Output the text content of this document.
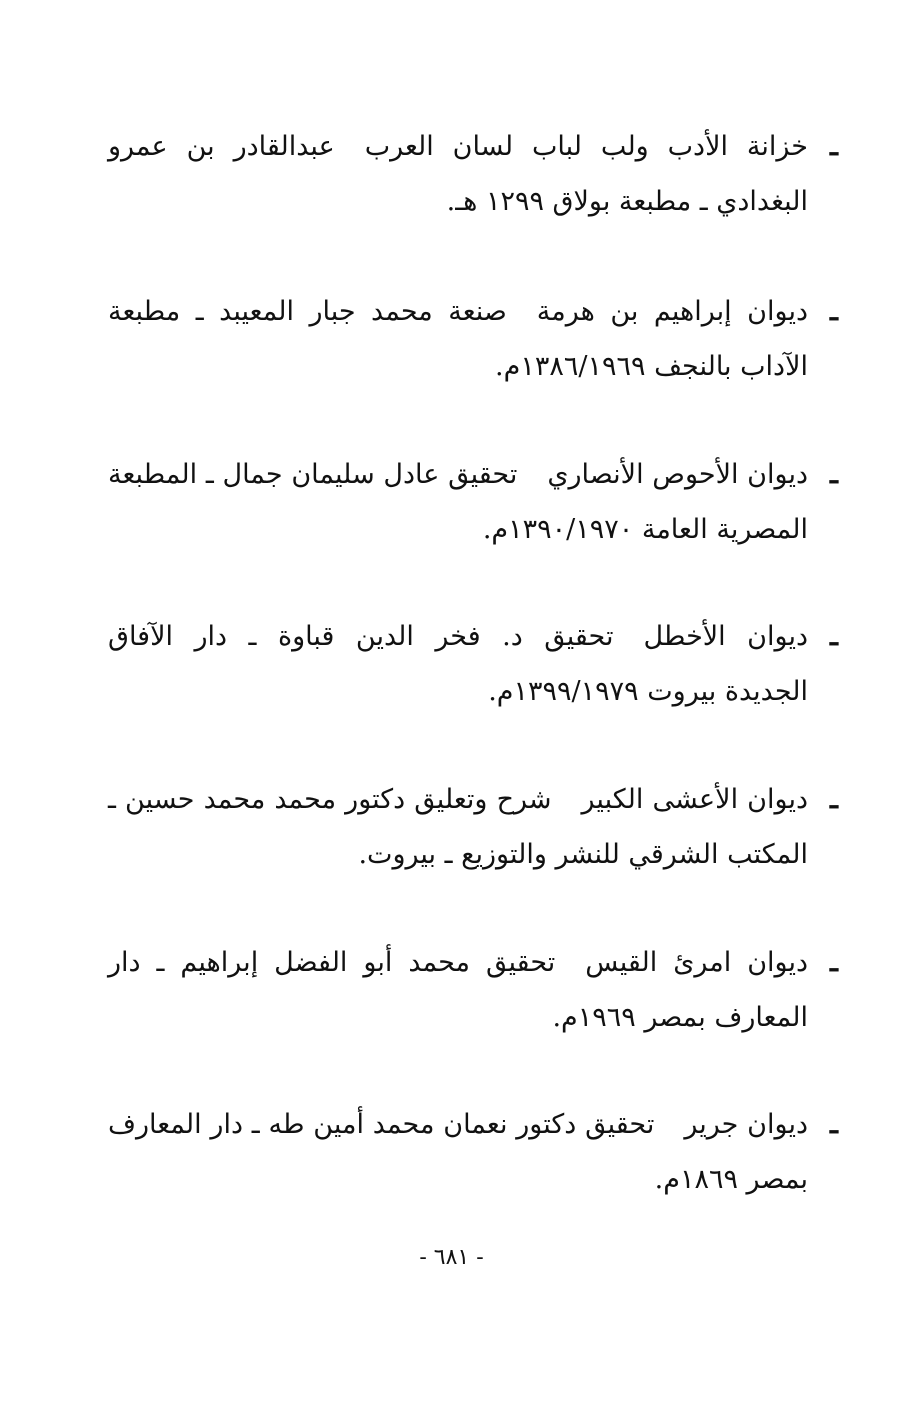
ـ
خزانة الأدب ولب لباب لسان العربعبدالقادر بن عمرو
البغدادي ـ مطبعة بولاق ١٢٩٩ هـ.
ـ
ديوان إبراهيم بن هرمةصنعة محمد جبار المعيبد ـ مطبعة
الآداب بالنجف ١٣٨٦/١٩٦٩م.
ـ
ديوان الأحوص الأنصاريتحقيق عادل سليمان جمال ـ المطبعة
المصرية العامة ١٣٩٠/١٩٧٠م.
ـ
ديوان الأخطلتحقيق د. فخر الدين قباوة ـ دار الآفاق
الجديدة بيروت ١٣٩٩/١٩٧٩م.
ـ
ديوان الأعشى الكبيرشرح وتعليق دكتور محمد محمد حسين ـ
المكتب الشرقي للنشر والتوزيع ـ بيروت.
ـ
ديوان امرئ القيستحقيق محمد أبو الفضل إبراهيم ـ دار
المعارف بمصر ١٩٦٩م.
ـ
ديوان جريرتحقيق دكتور نعمان محمد أمين طه ـ دار المعارف
بمصر ١٨٦٩م.
- ٦٨١ -
